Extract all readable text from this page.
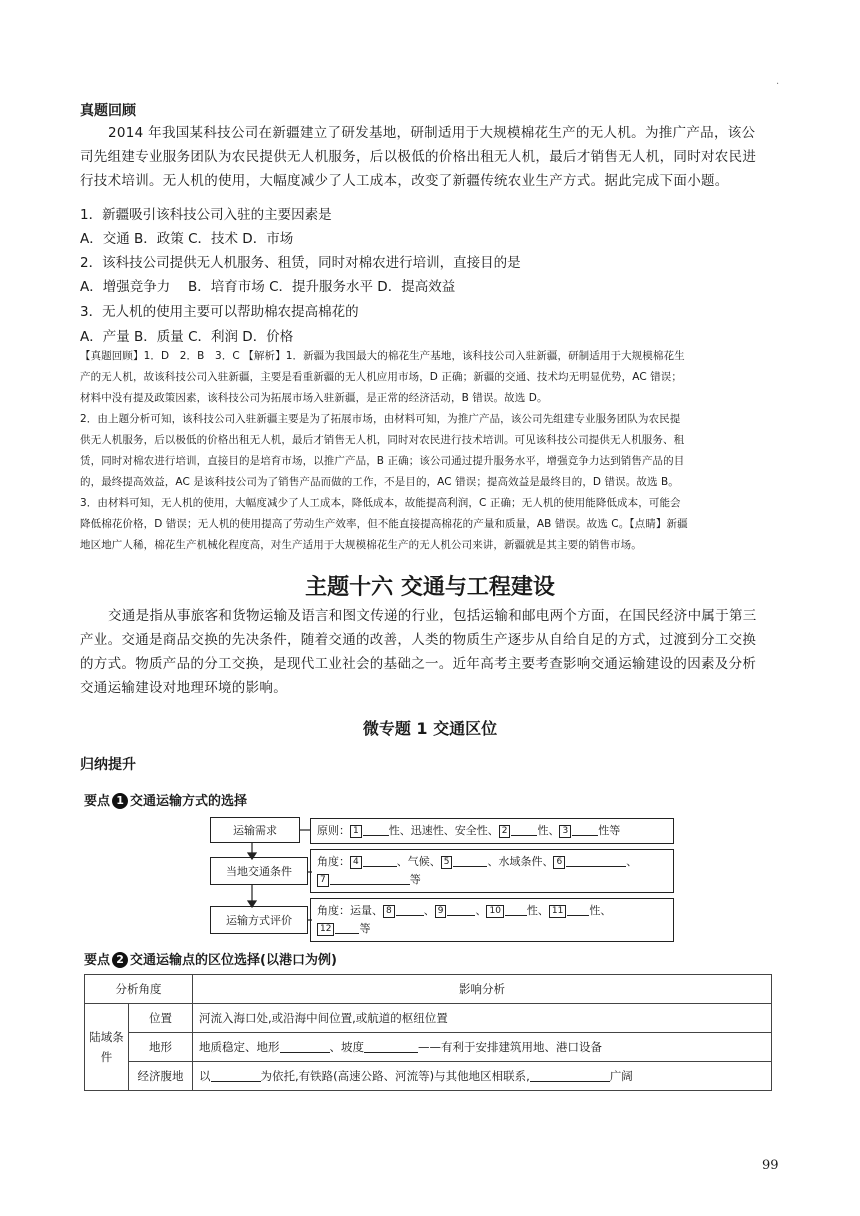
.
真题回顾

2014 年我国某科技公司在新疆建立了研发基地，研制适用于大规模棉花生产的无人机。为推广产品，该公

司先组建专业服务团队为农民提供无人机服务，后以极低的价格出租无人机，最后才销售无人机，同时对农民进

行技术培训。无人机的使用，大幅度减少了人工成本，改变了新疆传统农业生产方式。据此完成下面小题。

1．新疆吸引该科技公司入驻的主要因素是
A．交通 B．政策 C．技术 D．市场
2．该科技公司提供无人机服务、租赁，同时对棉农进行培训，直接目的是
A．增强竞争力　 B．培育市场 C．提升服务水平 D．提高效益
3．无人机的使用主要可以帮助棉农提高棉花的
A．产量 B．质量 C．利润 D．价格

【真题回顾】1．D　2．B　3．C 【解析】1．新疆为我国最大的棉花生产基地，该科技公司入驻新疆，研制适用于大规模棉花生

产的无人机，故该科技公司入驻新疆，主要是看重新疆的无人机应用市场，D 正确；新疆的交通、技术均无明显优势，AC 错误；

材料中没有提及政策因素，该科技公司为拓展市场入驻新疆，是正常的经济活动，B 错误。故选 D。

2．由上题分析可知，该科技公司入驻新疆主要是为了拓展市场，由材料可知，为推广产品，该公司先组建专业服务团队为农民提

供无人机服务，后以极低的价格出租无人机，最后才销售无人机，同时对农民进行技术培训。可见该科技公司提供无人机服务、租

赁，同时对棉农进行培训，直接目的是培育市场，以推广产品，B 正确；该公司通过提升服务水平，增强竞争力达到销售产品的目

的，最终提高效益，AC 是该科技公司为了销售产品而做的工作，不是目的，AC 错误；提高效益是最终目的，D 错误。故选 B。

3．由材料可知，无人机的使用，大幅度减少了人工成本，降低成本，故能提高利润，C 正确；无人机的使用能降低成本，可能会

降低棉花价格，D 错误；无人机的使用提高了劳动生产效率，但不能直接提高棉花的产量和质量，AB 错误。故选 C。【点睛】新疆

地区地广人稀，棉花生产机械化程度高，对生产适用于大规模棉花生产的无人机公司来讲，新疆就是其主要的销售市场。

主题十六 交通与工程建设

交通是指从事旅客和货物运输及语言和图文传递的行业，包括运输和邮电两个方面，在国民经济中属于第三

产业。交通是商品交换的先决条件，随着交通的改善，人类的物质生产逐步从自给自足的方式，过渡到分工交换

的方式。物质产品的分工交换，是现代工业社会的基础之一。近年高考主要考查影响交通运输建设的因素及分析

交通运输建设对地理环境的影响。

微专题 1 交通区位
归纳提升
要点 1 交通运输方式的选择
运输需求
当地交通条件
运输方式评价
原则： 1	性、迅速性、安全性、 2	性、 3	性等
角度： 4	、气候、 5	、水域条件、 6	、
7	等
角度：运量、 8	、 9	、 10 性、 11 性、
12	等
要点 2 交通运输点的区位选择(以港口为例)
分析角度		影响分析
陆域条件	位置	河流入海口处,或沿海中间位置,或航道的枢纽位置
	地形	地质稳定、地形 、坡度 ——有利于安排建筑用地、港口设备
	经济腹地	以 为依托,有铁路(高速公路、河流等)与其他地区相联系, 广阔
99
